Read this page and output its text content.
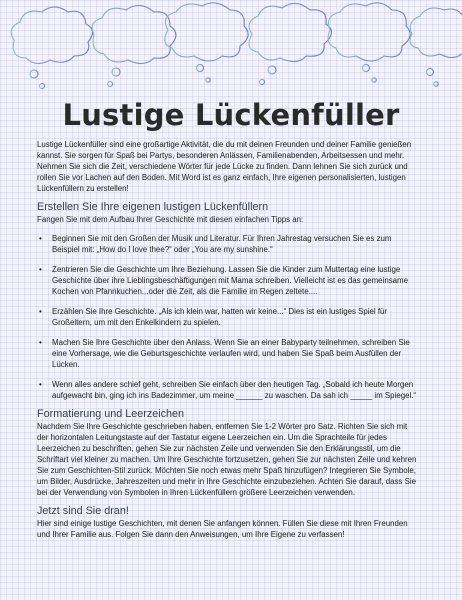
Lustige Lückenfüller

Lustige Lückenfüller sind eine großartige Aktivität, die du mit deinen Freunden und deiner Familie genießen kannst. Sie sorgen für Spaß bei Partys, besonderen Anlässen, Familienabenden, Arbeitsessen und mehr. Nehmen Sie sich die Zeit, verschiedene Wörter für jede Lücke zu finden. Dann lehnen Sie sich zurück und rollen Sie vor Lachen auf den Boden. Mit Word ist es ganz einfach, Ihre eigenen personalisierten, lustigen Lückenfüllern zu erstellen!

Erstellen Sie Ihre eigenen lustigen Lückenfüllern

Fangen Sie mit dem Aufbau Ihrer Geschichte mit diesen einfachen Tipps an:

• Beginnen Sie mit den Großen der Musik und Literatur. Für Ihren Jahrestag versuchen Sie es zum Beispiel mit: „How do I love thee?“ oder „You are my sunshine.“
• Zentrieren Sie die Geschichte um Ihre Beziehung. Lassen Sie die Kinder zum Muttertag eine lustige Geschichte über ihre Lieblingsbeschäftigungen mit Mama schreiben. Vielleicht ist es das gemeinsame Kochen von Pfannkuchen...oder die Zeit, als die Familie im Regen zeltete....
• Erzählen Sie Ihre Geschichte. „Als ich klein war, hatten wir keine...“ Dies ist ein lustiges Spiel für Großeltern, um mit den Enkelkindern zu spielen.
• Machen Sie Ihre Geschichte über den Anlass. Wenn Sie an einer Babyparty teilnehmen, schreiben Sie eine Vorhersage, wie die Geburtsgeschichte verlaufen wird, und haben Sie Spaß beim Ausfüllen der Lücken.
• Wenn alles andere schief geht, schreiben Sie einfach über den heutigen Tag. „Sobald ich heute Morgen aufgewacht bin, ging ich ins Badezimmer, um meine ______ zu waschen. Da sah ich _____ im Spiegel.“
Formatierung und Leerzeichen

Nachdem Sie Ihre Geschichte geschrieben haben, entfernen Sie 1-2 Wörter pro Satz. Richten Sie sich mit der horizontalen Leitungstaste auf der Tastatur eigene Leerzeichen ein. Um die Sprachteile für jedes Leerzeichen zu beschriften, gehen Sie zur nächsten Zeile und verwenden Sie den Erklärungsstil, um die Schriftart viel kleiner zu machen. Um Ihre Geschichte fortzusetzen, gehen Sie zur nächsten Zeile und kehren Sie zum Geschichten-Stil zurück. Möchten Sie noch etwas mehr Spaß hinzufügen? Integrieren Sie Symbole, um Bilder, Ausdrücke, Jahreszeiten und mehr in Ihre Geschichte einzubeziehen. Achten Sie darauf, dass Sie bei der Verwendung von Symbolen in Ihren Lückenfüllern größere Leerzeichen verwenden.

Jetzt sind Sie dran!

Hier sind einige lustige Geschichten, mit denen Sie anfangen können. Füllen Sie diese mit Ihren Freunden und Ihrer Familie aus. Folgen Sie dann den Anweisungen, um Ihre Eigene zu verfassen!
